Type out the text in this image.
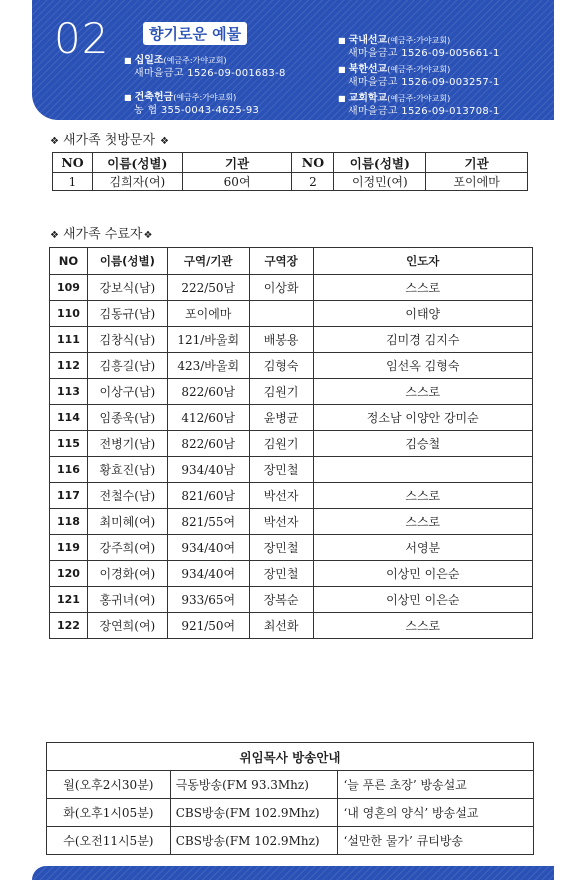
02	향기로운 예물
■ 십일조(예금주:가야교회)
새마을금고 1526-09-001683-8
■ 건축헌금(예금주:가야교회)
농 협 355-0043-4625-93
■ 국내선교(예금주:가야교회)
새마을금고 1526-09-005661-1
■ 북한선교(예금주:가야교회)
새마을금고 1526-09-003257-1
■ 교회학교(예금주:가야교회)
새마을금고 1526-09-013708-1
❖ 새가족 첫방문자 ❖
NO	이름(성별)	기관	NO	이름(성별)	기관
1	김희자(여)	60여	2	이정민(여)	포이에마
❖ 새가족 수료자❖
NO	이름(성별)	구역/기관	구역장	인도자
109	강보식(남)	222/50남	이상화	스스로
110	김동규(남)	포이에마		이태양
111	김창식(남)	121/바울회	배봉용	김미경 김지수
112	김흥길(남)	423/바울회	김형숙	임선옥 김형숙
113	이상구(남)	822/60남	김원기	스스로
114	임종욱(남)	412/60남	윤병균	정소남 이양안 강미순
115	전병기(남)	822/60남	김원기	김승철
116	황효진(남)	934/40남	장민철	
117	전철수(남)	821/60남	박선자	스스로
118	최미혜(여)	821/55여	박선자	스스로
119	강주희(여)	934/40여	장민철	서영분
120	이경화(여)	934/40여	장민철	이상민 이은순
121	홍귀녀(여)	933/65여	장복순	이상민 이은순
122	장연희(여)	921/50여	최선화	스스로
위임목사 방송안내		
월(오후2시30분)	극동방송(FM 93.3Mhz)	‘늘 푸른 초장’ 방송설교
화(오후1시05분)	CBS방송(FM 102.9Mhz)	‘내 영혼의 양식’ 방송설교
수(오전11시5분)	CBS방송(FM 102.9Mhz)	‘설만한 물가’ 큐티방송
